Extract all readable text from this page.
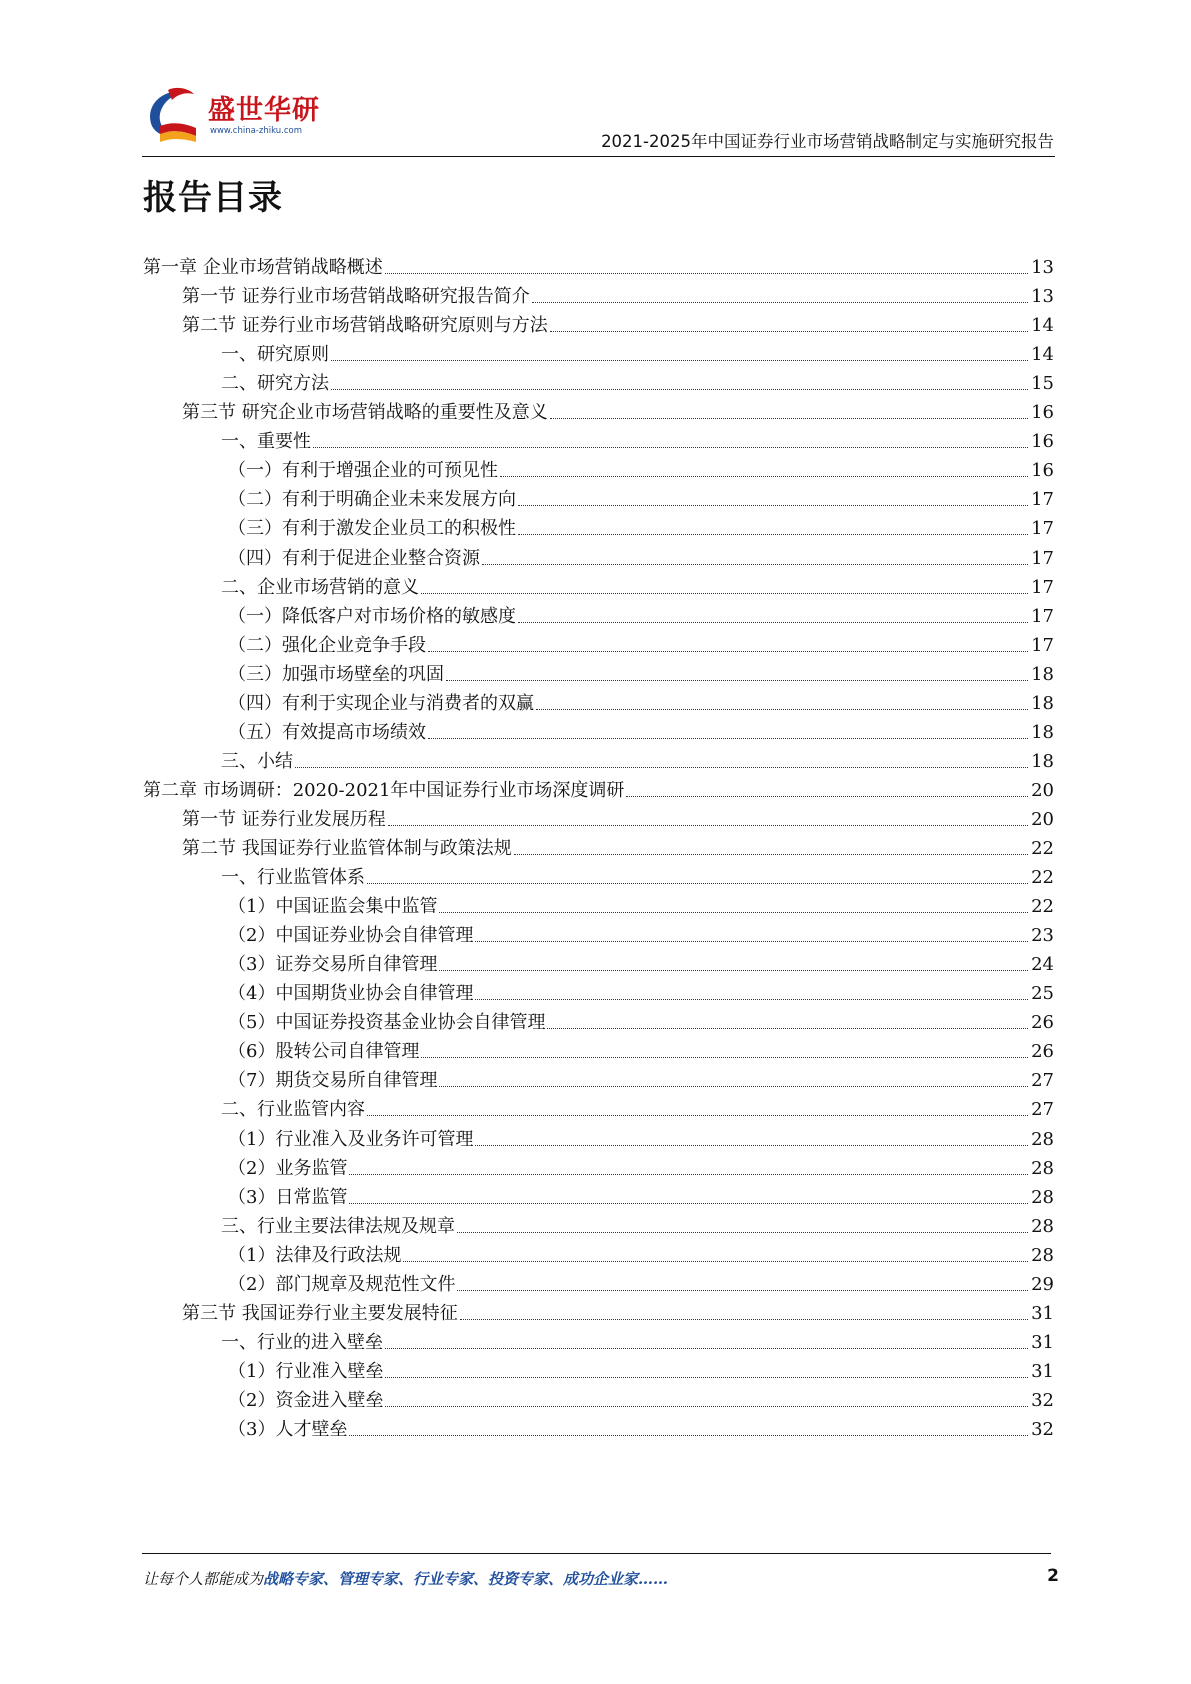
盛世华研
www.china-zhiku.com
2021-2025年中国证券行业市场营销战略制定与实施研究报告
报告目录
第一章 企业市场营销战略概述	13
第一节 证券行业市场营销战略研究报告简介	13
第二节 证券行业市场营销战略研究原则与方法	14
一、研究原则	14
二、研究方法	15
第三节 研究企业市场营销战略的重要性及意义	16
一、重要性	16
（一）有利于增强企业的可预见性	16
（二）有利于明确企业未来发展方向	17
（三）有利于激发企业员工的积极性	17
（四）有利于促进企业整合资源	17
二、企业市场营销的意义	17
（一）降低客户对市场价格的敏感度	17
（二）强化企业竞争手段	17
（三）加强市场壁垒的巩固	18
（四）有利于实现企业与消费者的双赢	18
（五）有效提高市场绩效	18
三、小结	18
第二章 市场调研：2020-2021年中国证券行业市场深度调研	20
第一节 证券行业发展历程	20
第二节 我国证券行业监管体制与政策法规	22
一、行业监管体系	22
（1）中国证监会集中监管	22
（2）中国证券业协会自律管理	23
（3）证券交易所自律管理	24
（4）中国期货业协会自律管理	25
（5）中国证券投资基金业协会自律管理	26
（6）股转公司自律管理	26
（7）期货交易所自律管理	27
二、行业监管内容	27
（1）行业准入及业务许可管理	28
（2）业务监管	28
（3）日常监管	28
三、行业主要法律法规及规章	28
（1）法律及行政法规	28
（2）部门规章及规范性文件	29
第三节 我国证券行业主要发展特征	31
一、行业的进入壁垒	31
（1）行业准入壁垒	31
（2）资金进入壁垒	32
（3）人才壁垒	32
让每个人都能成为战略专家、管理专家、行业专家、投资专家、成功企业家……	2
